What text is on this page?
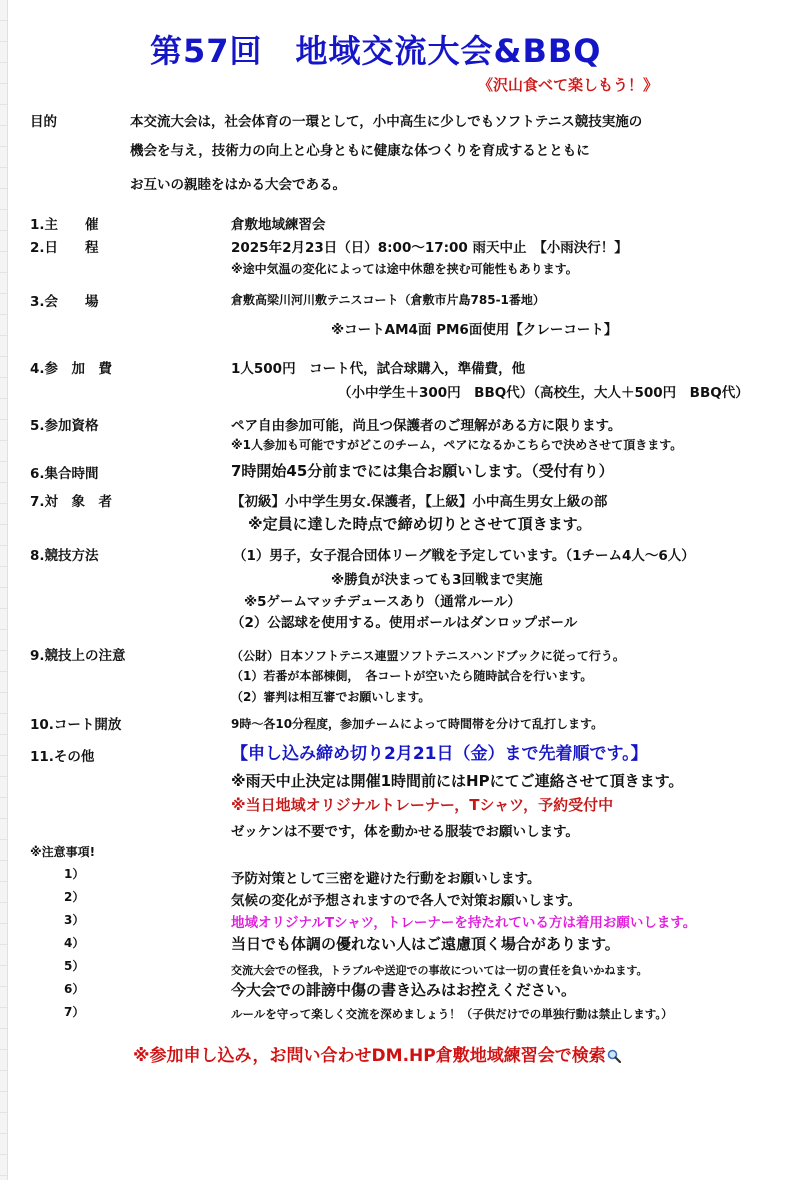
第57回　地域交流大会&BBQ
《沢山食べて楽しもう！》
目的	本交流大会は，社会体育の一環として，小中高生に少しでもソフトテニス競技実施の
機会を与え，技術力の向上と心身ともに健康な体つくりを育成するとともに
お互いの親睦をはかる大会である。
1.主　　催	倉敷地域練習会
2.日　　程	2025年2月23日（日）8:00〜17:00 雨天中止　【小雨決行！】
※途中気温の変化によっては途中休憩を挟む可能性もあります。
3.会　　場	倉敷高梁川河川敷テニスコート（倉敷市片島785-1番地）
※コートAM4面 PM6面使用【クレーコート】
4.参　加　費	1人500円　コート代，試合球購入，準備費，他
（小中学生＋300円　BBQ代）（高校生，大人＋500円　BBQ代）
5.参加資格	ペア自由参加可能，尚且つ保護者のご理解がある方に限ります。
※1人参加も可能ですがどこのチーム，ペアになるかこちらで決めさせて頂きます。
6.集合時間	7時開始45分前までには集合お願いします。（受付有り）
7.対　象　者	【初級】小中学生男女.保護者，【上級】小中高生男女上級の部
※定員に達した時点で締め切りとさせて頂きます。
8.競技方法	（1）男子，女子混合団体リーグ戦を予定しています。（1チーム4人〜6人）
※勝負が決まっても3回戦まで実施
※5ゲームマッチデュースあり（通常ルール）
（2）公認球を使用する。使用ボールはダンロップボール
9.競技上の注意	（公財）日本ソフトテニス連盟ソフトテニスハンドブックに従って行う。
（1）若番が本部棟側，　各コートが空いたら随時試合を行います。
（2）審判は相互審でお願いします。
10.コート開放	9時〜各10分程度，参加チームによって時間帯を分けて乱打します。
11.その他	【申し込み締め切り2月21日（金）まで先着順です。】
※雨天中止決定は開催1時間前にはHPにてご連絡させて頂きます。
※当日地域オリジナルトレーナー，Tシャツ，予約受付中
ゼッケンは不要です，体を動かせる服装でお願いします。
※注意事項!
1）	予防対策として三密を避けた行動をお願いします。
2）	気候の変化が予想されますので各人で対策お願いします。
3）	地域オリジナルTシャツ，トレーナーを持たれている方は着用お願いします。
4）	当日でも体調の優れない人はご遠慮頂く場合があります。
5）	交流大会での怪我，トラブルや送迎での事故については一切の責任を負いかねます。
6）	今大会での誹謗中傷の書き込みはお控えください。
7）	ルールを守って楽しく交流を深めましょう！（子供だけでの単独行動は禁止します。）
※参加申し込み，お問い合わせDM.HP倉敷地域練習会で検索
